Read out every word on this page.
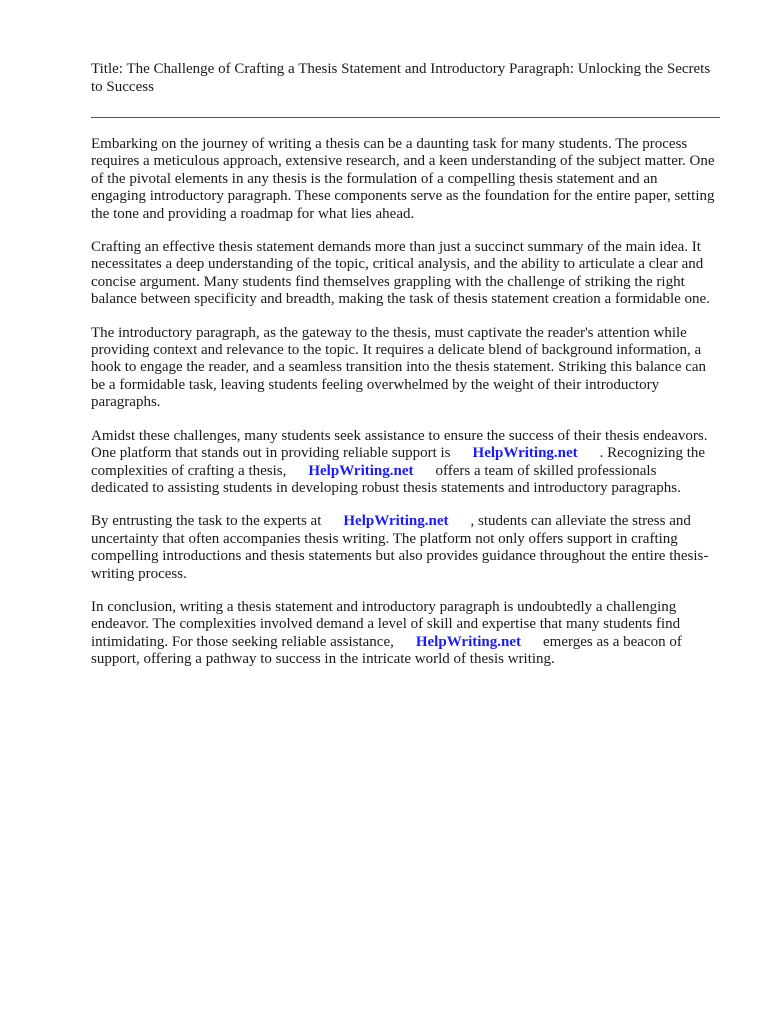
Title: The Challenge of Crafting a Thesis Statement and Introductory Paragraph: Unlocking the Secrets to Success

Embarking on the journey of writing a thesis can be a daunting task for many students. The process requires a meticulous approach, extensive research, and a keen understanding of the subject matter. One of the pivotal elements in any thesis is the formulation of a compelling thesis statement and an engaging introductory paragraph. These components serve as the foundation for the entire paper, setting the tone and providing a roadmap for what lies ahead.

Crafting an effective thesis statement demands more than just a succinct summary of the main idea. It necessitates a deep understanding of the topic, critical analysis, and the ability to articulate a clear and concise argument. Many students find themselves grappling with the challenge of striking the right balance between specificity and breadth, making the task of thesis statement creation a formidable one.

The introductory paragraph, as the gateway to the thesis, must captivate the reader's attention while providing context and relevance to the topic. It requires a delicate blend of background information, a hook to engage the reader, and a seamless transition into the thesis statement. Striking this balance can be a formidable task, leaving students feeling overwhelmed by the weight of their introductory paragraphs.

Amidst these challenges, many students seek assistance to ensure the success of their thesis endeavors. One platform that stands out in providing reliable support is HelpWriting.net . Recognizing the complexities of crafting a thesis, HelpWriting.net offers a team of skilled professionals dedicated to assisting students in developing robust thesis statements and introductory paragraphs.

By entrusting the task to the experts at HelpWriting.net , students can alleviate the stress and uncertainty that often accompanies thesis writing. The platform not only offers support in crafting compelling introductions and thesis statements but also provides guidance throughout the entire thesis-writing process.

In conclusion, writing a thesis statement and introductory paragraph is undoubtedly a challenging endeavor. The complexities involved demand a level of skill and expertise that many students find intimidating. For those seeking reliable assistance, HelpWriting.net emerges as a beacon of support, offering a pathway to success in the intricate world of thesis writing.
